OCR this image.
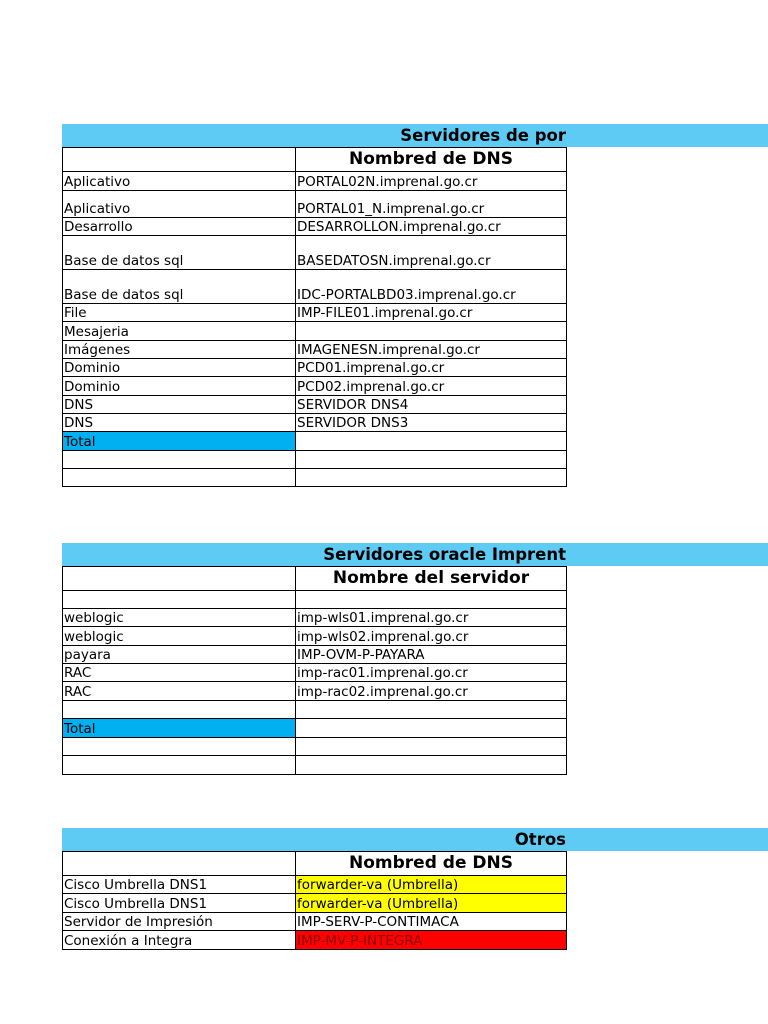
Servidores de por
	Nombred de DNS
Aplicativo	PORTAL02N.imprenal.go.cr
Aplicativo	PORTAL01_N.imprenal.go.cr
Desarrollo	DESARROLLON.imprenal.go.cr
Base de datos sql	BASEDATOSN.imprenal.go.cr
Base de datos sql	IDC-PORTALBD03.imprenal.go.cr
File	IMP-FILE01.imprenal.go.cr
Mesajeria	
Imágenes	IMAGENESN.imprenal.go.cr
Dominio	PCD01.imprenal.go.cr
Dominio	PCD02.imprenal.go.cr
DNS	SERVIDOR DNS4
DNS	SERVIDOR DNS3
Total	

Servidores oracle Imprent
	Nombre del servidor

weblogic	imp-wls01.imprenal.go.cr
weblogic	imp-wls02.imprenal.go.cr
payara	IMP-OVM-P-PAYARA
RAC	imp-rac01.imprenal.go.cr
RAC	imp-rac02.imprenal.go.cr

Total	

Otros
	Nombred de DNS
Cisco Umbrella DNS1	forwarder-va (Umbrella)
Cisco Umbrella DNS1	forwarder-va (Umbrella)
Servidor de Impresión	IMP-SERV-P-CONTIMACA
Conexión a Integra	IMP-MV-P-INTEGRA
